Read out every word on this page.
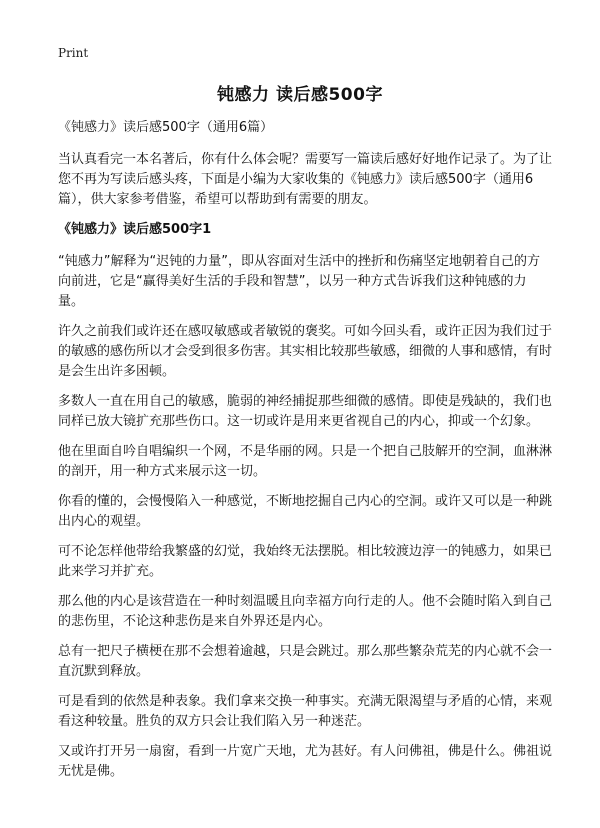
Print
钝感力 读后感500字

《钝感力》读后感500字（通用6篇）

当认真看完一本名著后，你有什么体会呢？需要写一篇读后感好好地作记录了。为了让您不再为写读后感头疼，下面是小编为大家收集的《钝感力》读后感500字（通用6篇），供大家参考借鉴，希望可以帮助到有需要的朋友。

《钝感力》读后感500字1

“钝感力”解释为“迟钝的力量”，即从容面对生活中的挫折和伤痛坚定地朝着自己的方向前进，它是“赢得美好生活的手段和智慧”，以另一种方式告诉我们这种钝感的力量。

许久之前我们或许还在感叹敏感或者敏锐的褒奖。可如今回头看，或许正因为我们过于的敏感的感伤所以才会受到很多伤害。其实相比较那些敏感，细微的人事和感情，有时是会生出许多困顿。

多数人一直在用自己的敏感，脆弱的神经捕捉那些细微的感情。即使是残缺的，我们也同样已放大镜扩充那些伤口。这一切或许是用来更省视自己的内心，抑或一个幻象。

他在里面自吟自唱编织一个网，不是华丽的网。只是一个把自己肢解开的空洞，血淋淋的剖开，用一种方式来展示这一切。

你看的懂的，会慢慢陷入一种感觉，不断地挖掘自己内心的空洞。或许又可以是一种跳出内心的观望。

可不论怎样他带给我繁盛的幻觉，我始终无法摆脱。相比较渡边淳一的钝感力，如果已此来学习并扩充。

那么他的内心是该营造在一种时刻温暖且向幸福方向行走的人。他不会随时陷入到自己的悲伤里，不论这种悲伤是来自外界还是内心。

总有一把尺子横梗在那不会想着逾越，只是会跳过。那么那些繁杂荒芜的内心就不会一直沉默到释放。

可是看到的依然是种表象。我们拿来交换一种事实。充满无限渴望与矛盾的心情，来观看这种较量。胜负的双方只会让我们陷入另一种迷茫。

又或许打开另一扇窗，看到一片宽广天地，尤为甚好。有人问佛祖，佛是什么。佛祖说无忧是佛。
